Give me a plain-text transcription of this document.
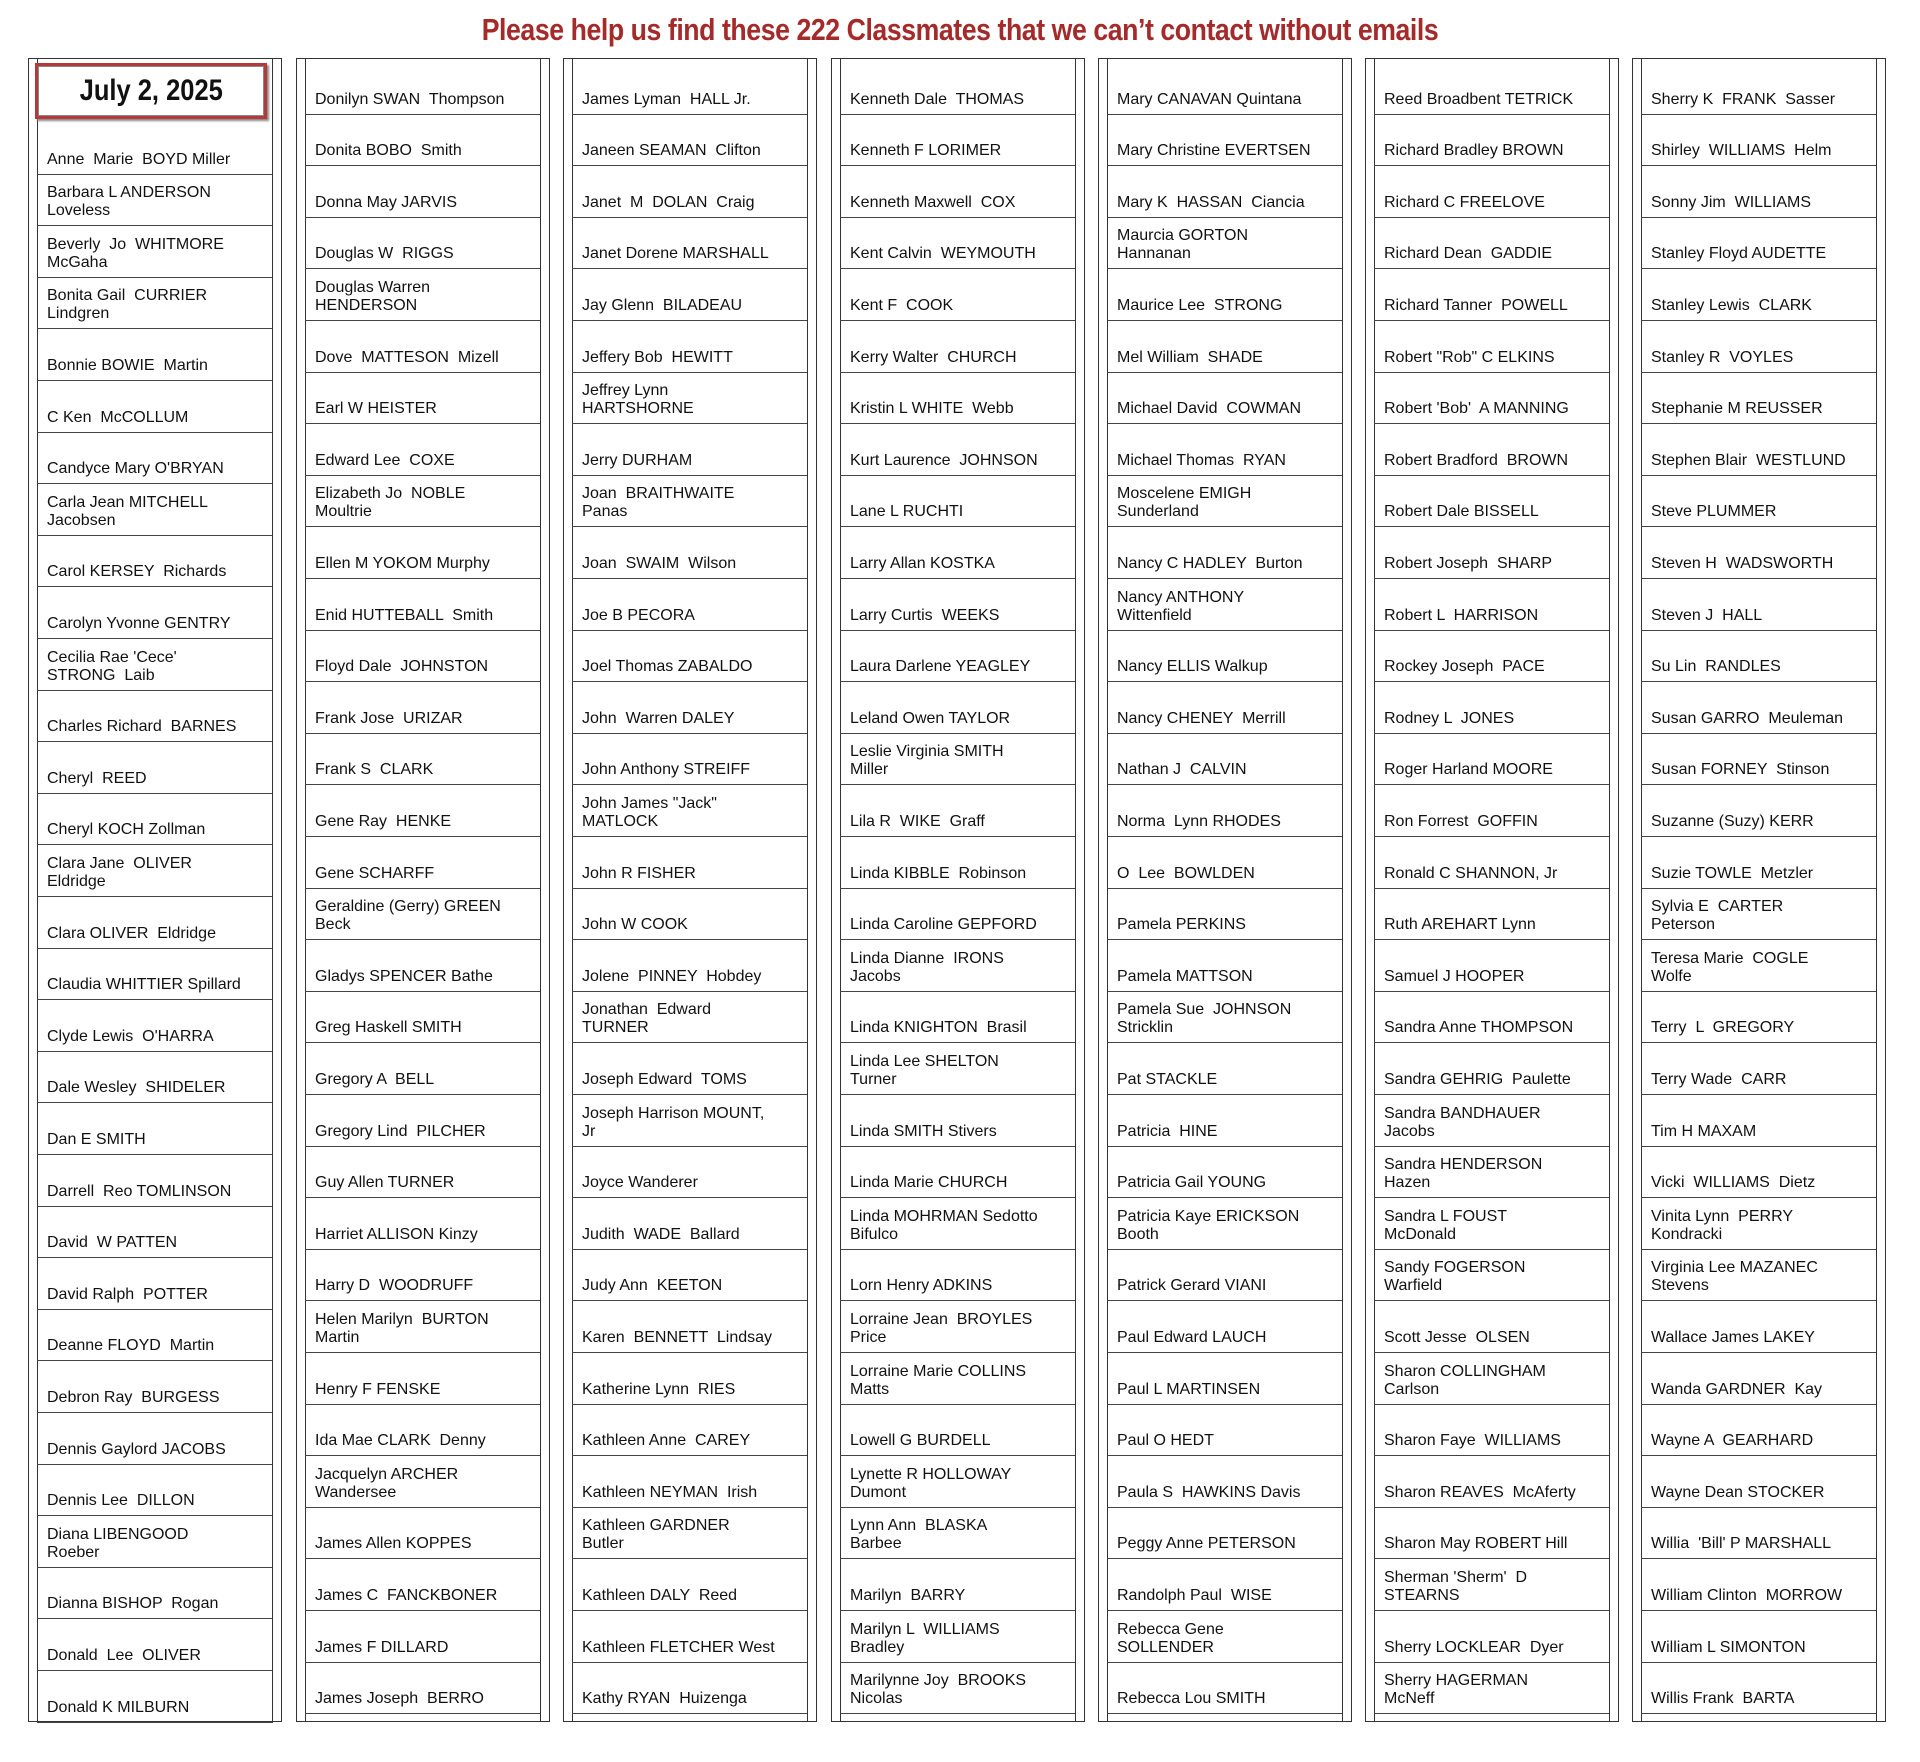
Please help us find these 222 Classmates that we can’t contact without emails
July 2, 2025
Anne  Marie  BOYD Miller
Barbara L ANDERSON
Loveless
Beverly  Jo  WHITMORE
McGaha
Bonita Gail  CURRIER
Lindgren
Bonnie BOWIE  Martin
C Ken  McCOLLUM
Candyce Mary O'BRYAN
Carla Jean MITCHELL
Jacobsen
Carol KERSEY  Richards
Carolyn Yvonne GENTRY
Cecilia Rae 'Cece'
STRONG  Laib
Charles Richard  BARNES
Cheryl  REED
Cheryl KOCH Zollman
Clara Jane  OLIVER
Eldridge
Clara OLIVER  Eldridge
Claudia WHITTIER Spillard
Clyde Lewis  O'HARRA
Dale Wesley  SHIDELER
Dan E SMITH
Darrell  Reo TOMLINSON
David  W PATTEN
David Ralph  POTTER
Deanne FLOYD  Martin
Debron Ray  BURGESS
Dennis Gaylord JACOBS
Dennis Lee  DILLON
Diana LIBENGOOD
Roeber
Dianna BISHOP  Rogan
Donald  Lee  OLIVER
Donald K MILBURN
Donilyn SWAN  Thompson
Donita BOBO  Smith
Donna May JARVIS
Douglas W  RIGGS
Douglas Warren
HENDERSON
Dove  MATTESON  Mizell
Earl W HEISTER
Edward Lee  COXE
Elizabeth Jo  NOBLE
Moultrie
Ellen M YOKOM Murphy
Enid HUTTEBALL  Smith
Floyd Dale  JOHNSTON
Frank Jose  URIZAR
Frank S  CLARK
Gene Ray  HENKE
Gene SCHARFF
Geraldine (Gerry) GREEN
Beck
Gladys SPENCER Bathe
Greg Haskell SMITH
Gregory A  BELL
Gregory Lind  PILCHER
Guy Allen TURNER
Harriet ALLISON Kinzy
Harry D  WOODRUFF
Helen Marilyn  BURTON
Martin
Henry F FENSKE
Ida Mae CLARK  Denny
Jacquelyn ARCHER
Wandersee
James Allen KOPPES
James C  FANCKBONER
James F DILLARD
James Joseph  BERRO
James Lyman  HALL Jr.
Janeen SEAMAN  Clifton
Janet  M  DOLAN  Craig
Janet Dorene MARSHALL
Jay Glenn  BILADEAU
Jeffery Bob  HEWITT
Jeffrey Lynn
HARTSHORNE
Jerry DURHAM
Joan  BRAITHWAITE
Panas
Joan  SWAIM  Wilson
Joe B PECORA
Joel Thomas ZABALDO
John  Warren DALEY
John Anthony STREIFF
John James "Jack"
MATLOCK
John R FISHER
John W COOK
Jolene  PINNEY  Hobdey
Jonathan  Edward
TURNER
Joseph Edward  TOMS
Joseph Harrison MOUNT,
Jr
Joyce Wanderer
Judith  WADE  Ballard
Judy Ann  KEETON
Karen  BENNETT  Lindsay
Katherine Lynn  RIES
Kathleen Anne  CAREY
Kathleen NEYMAN  Irish
Kathleen GARDNER
Butler
Kathleen DALY  Reed
Kathleen FLETCHER West
Kathy RYAN  Huizenga
Kenneth Dale  THOMAS
Kenneth F LORIMER
Kenneth Maxwell  COX
Kent Calvin  WEYMOUTH
Kent F  COOK
Kerry Walter  CHURCH
Kristin L WHITE  Webb
Kurt Laurence  JOHNSON
Lane L RUCHTI
Larry Allan KOSTKA
Larry Curtis  WEEKS
Laura Darlene YEAGLEY
Leland Owen TAYLOR
Leslie Virginia SMITH
Miller
Lila R  WIKE  Graff
Linda KIBBLE  Robinson
Linda Caroline GEPFORD
Linda Dianne  IRONS
Jacobs
Linda KNIGHTON  Brasil
Linda Lee SHELTON
Turner
Linda SMITH Stivers
Linda Marie CHURCH
Linda MOHRMAN Sedotto
Bifulco
Lorn Henry ADKINS
Lorraine Jean  BROYLES
Price
Lorraine Marie COLLINS
Matts
Lowell G BURDELL
Lynette R HOLLOWAY
Dumont
Lynn Ann  BLASKA
Barbee
Marilyn  BARRY
Marilyn L  WILLIAMS
Bradley
Marilynne Joy  BROOKS
Nicolas
Mary CANAVAN Quintana
Mary Christine EVERTSEN
Mary K  HASSAN  Ciancia
Maurcia GORTON
Hannanan
Maurice Lee  STRONG
Mel William  SHADE
Michael David  COWMAN
Michael Thomas  RYAN
Moscelene EMIGH
Sunderland
Nancy C HADLEY  Burton
Nancy ANTHONY
Wittenfield
Nancy ELLIS Walkup
Nancy CHENEY  Merrill
Nathan J  CALVIN
Norma  Lynn RHODES
O  Lee  BOWLDEN
Pamela PERKINS
Pamela MATTSON
Pamela Sue  JOHNSON
Stricklin
Pat STACKLE
Patricia  HINE
Patricia Gail YOUNG
Patricia Kaye ERICKSON
Booth
Patrick Gerard VIANI
Paul Edward LAUCH
Paul L MARTINSEN
Paul O HEDT
Paula S  HAWKINS Davis
Peggy Anne PETERSON
Randolph Paul  WISE
Rebecca Gene
SOLLENDER
Rebecca Lou SMITH
Reed Broadbent TETRICK
Richard Bradley BROWN
Richard C FREELOVE
Richard Dean  GADDIE
Richard Tanner  POWELL
Robert "Rob" C ELKINS
Robert 'Bob'  A MANNING
Robert Bradford  BROWN
Robert Dale BISSELL
Robert Joseph  SHARP
Robert L  HARRISON
Rockey Joseph  PACE
Rodney L  JONES
Roger Harland MOORE
Ron Forrest  GOFFIN
Ronald C SHANNON, Jr
Ruth AREHART Lynn
Samuel J HOOPER
Sandra Anne THOMPSON
Sandra GEHRIG  Paulette
Sandra BANDHAUER
Jacobs
Sandra HENDERSON
Hazen
Sandra L FOUST
McDonald
Sandy FOGERSON
Warfield
Scott Jesse  OLSEN
Sharon COLLINGHAM
Carlson
Sharon Faye  WILLIAMS
Sharon REAVES  McAferty
Sharon May ROBERT Hill
Sherman 'Sherm'  D
STEARNS
Sherry LOCKLEAR  Dyer
Sherry HAGERMAN
McNeff
Sherry K  FRANK  Sasser
Shirley  WILLIAMS  Helm
Sonny Jim  WILLIAMS
Stanley Floyd AUDETTE
Stanley Lewis  CLARK
Stanley R  VOYLES
Stephanie M REUSSER
Stephen Blair  WESTLUND
Steve PLUMMER
Steven H  WADSWORTH
Steven J  HALL
Su Lin  RANDLES
Susan GARRO  Meuleman
Susan FORNEY  Stinson
Suzanne (Suzy) KERR
Suzie TOWLE  Metzler
Sylvia E  CARTER
Peterson
Teresa Marie  COGLE
Wolfe
Terry  L  GREGORY
Terry Wade  CARR
Tim H MAXAM
Vicki  WILLIAMS  Dietz
Vinita Lynn  PERRY
Kondracki
Virginia Lee MAZANEC
Stevens
Wallace James LAKEY
Wanda GARDNER  Kay
Wayne A  GEARHARD
Wayne Dean STOCKER
Willia  'Bill' P MARSHALL
William Clinton  MORROW
William L SIMONTON
Willis Frank  BARTA
